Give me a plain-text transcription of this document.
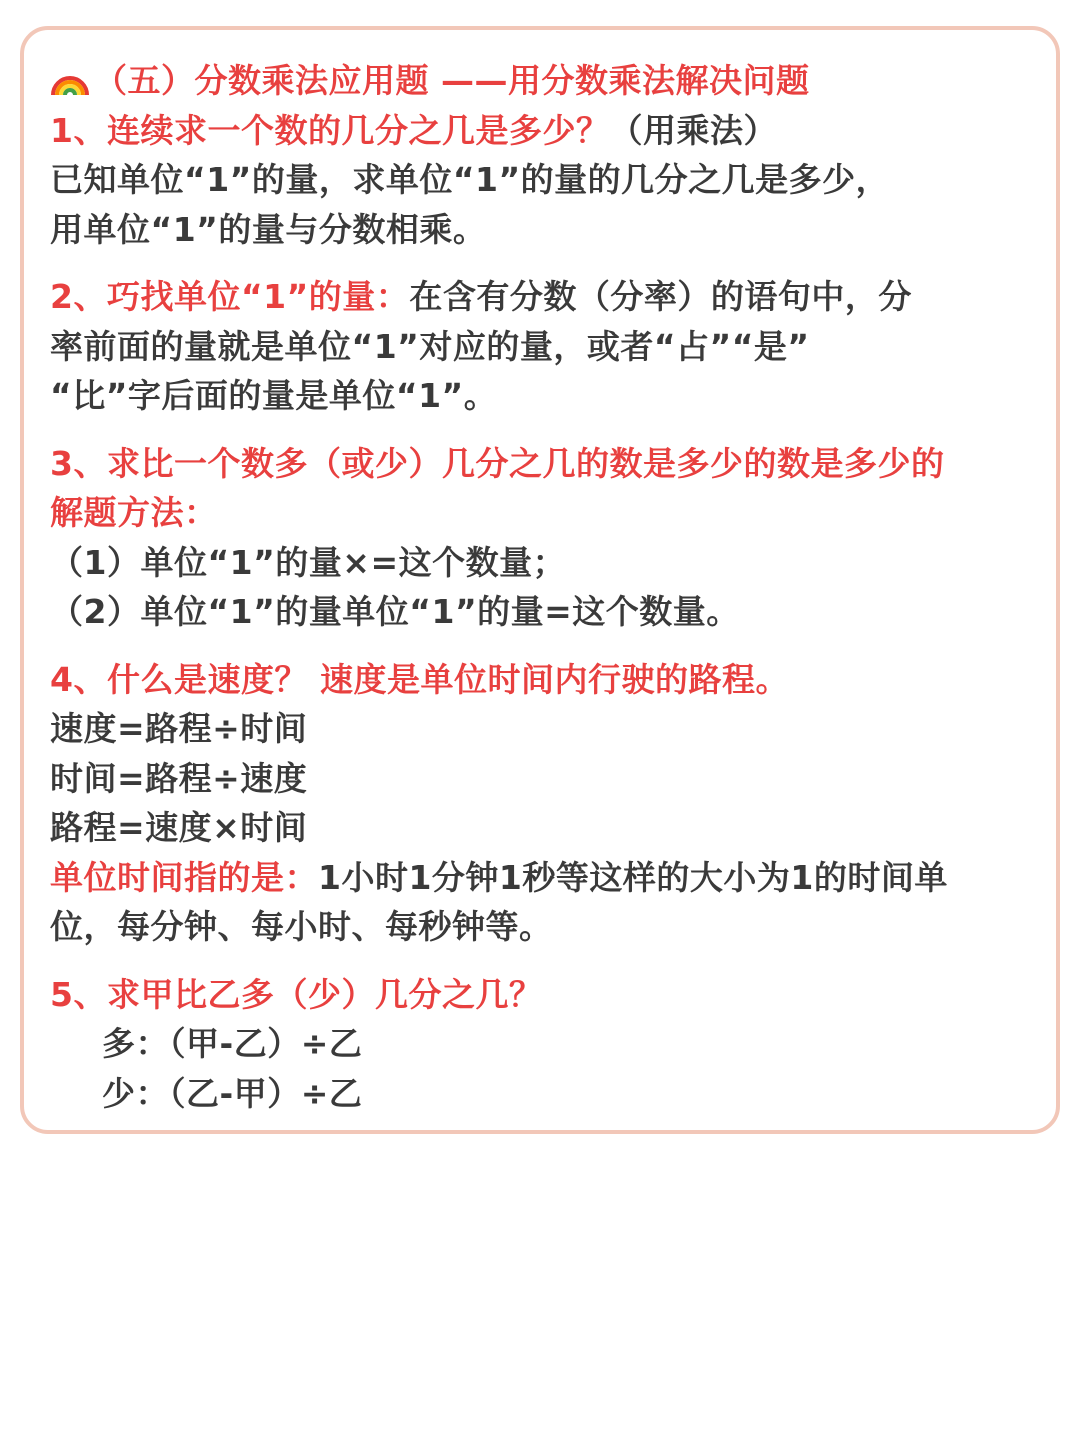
（五）分数乘法应用题 ——用分数乘法解决问题
1、连续求一个数的几分之几是多少？（用乘法）
已知单位“1”的量，求单位“1”的量的几分之几是多少，
用单位“1”的量与分数相乘。
2、巧找单位“1”的量：在含有分数（分率）的语句中，分
率前面的量就是单位“1”对应的量，或者“占”“是”
“比”字后面的量是单位“1”。
3、求比一个数多（或少）几分之几的数是多少的数是多少的
解题方法：
（1）单位“1”的量×=这个数量；
（2）单位“1”的量单位“1”的量=这个数量。
4、什么是速度？ 速度是单位时间内行驶的路程。
速度=路程÷时间
时间=路程÷速度
路程=速度×时间
单位时间指的是：1小时1分钟1秒等这样的大小为1的时间单
位，每分钟、每小时、每秒钟等。
5、求甲比乙多（少）几分之几？
多：（甲-乙）÷乙
少：（乙-甲）÷乙
